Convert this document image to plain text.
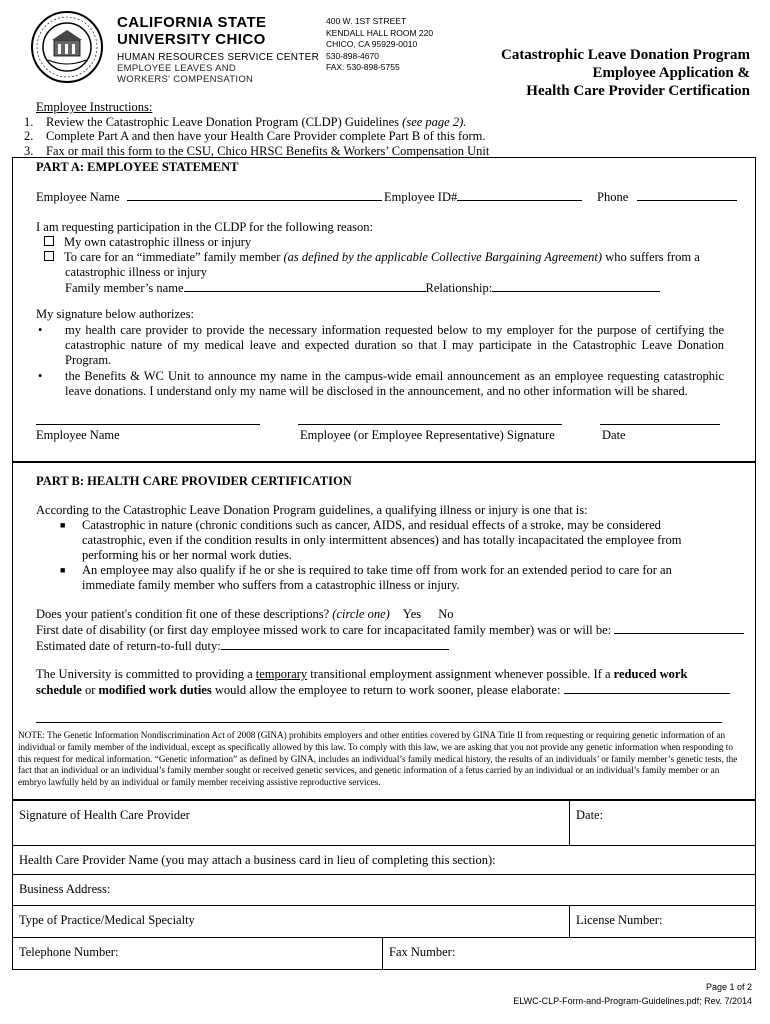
CALIFORNIA STATE
UNIVERSITY CHICO
HUMAN RESOURCES SERVICE CENTER
EMPLOYEE LEAVES AND
WORKERS' COMPENSATION
400 W. 1ST STREET
KENDALL HALL ROOM 220
CHICO, CA 95929-0010
530-898-4670
FAX: 530-898-5755
Catastrophic Leave Donation Program
Employee Application &
Health Care Provider Certification
Employee Instructions:
1. Review the Catastrophic Leave Donation Program (CLDP) Guidelines (see page 2).
2. Complete Part A and then have your Health Care Provider complete Part B of this form.
3. Fax or mail this form to the CSU, Chico HRSC Benefits & Workers’ Compensation Unit
PART A: EMPLOYEE STATEMENT
Employee Name	Employee ID#	Phone
I am requesting participation in the CLDP for the following reason:
My own catastrophic illness or injury
To care for an “immediate” family member (as defined by the applicable Collective Bargaining Agreement) who suffers from a
catastrophic illness or injury
Family member’s name	Relationship:
My signature below authorizes:
• my health care provider to provide the necessary information requested below to my employer for the purpose of certifying the catastrophic nature of my medical leave and expected duration so that I may participate in the Catastrophic Leave Donation Program.
• the Benefits & WC Unit to announce my name in the campus-wide email announcement as an employee requesting catastrophic leave donations. I understand only my name will be disclosed in the announcement, and no other information will be shared.
Employee Name	Employee (or Employee Representative) Signature	Date
PART B: HEALTH CARE PROVIDER CERTIFICATION
According to the Catastrophic Leave Donation Program guidelines, a qualifying illness or injury is one that is:
■ Catastrophic in nature (chronic conditions such as cancer, AIDS, and residual effects of a stroke, may be considered catastrophic, even if the condition results in only intermittent absences) and has totally incapacitated the employee from performing his or her normal work duties.
■ An employee may also qualify if he or she is required to take time off from work for an extended period to care for an immediate family member who suffers from a catastrophic illness or injury.
Does your patient's condition fit one of these descriptions? (circle one) Yes No
First date of disability (or first day employee missed work to care for incapacitated family member) was or will be:
Estimated date of return-to-full duty:
The University is committed to providing a temporary transitional employment assignment whenever possible. If a reduced work schedule or modified work duties would allow the employee to return to work sooner, please elaborate:
NOTE: The Genetic Information Nondiscrimination Act of 2008 (GINA) prohibits employers and other entities covered by GINA Title II from requesting or requiring genetic information of an individual or family member of the individual, except as specifically allowed by this law. To comply with this law, we are asking that you not provide any genetic information when responding to this request for medical information. “Genetic information” as defined by GINA, includes an individual’s family medical history, the results of an individuals’ or family member’s genetic tests, the fact that an individual or an individual’s family member sought or received genetic services, and genetic information of a fetus carried by an individual or an individual’s family member or an embryo lawfully held by an individual or family member receiving assistive reproductive services.
Signature of Health Care Provider	Date:
Health Care Provider Name (you may attach a business card in lieu of completing this section):
Business Address:
Type of Practice/Medical Specialty	License Number:
Telephone Number:	Fax Number:
Page 1 of 2
ELWC-CLP-Form-and-Program-Guidelines.pdf; Rev. 7/2014
